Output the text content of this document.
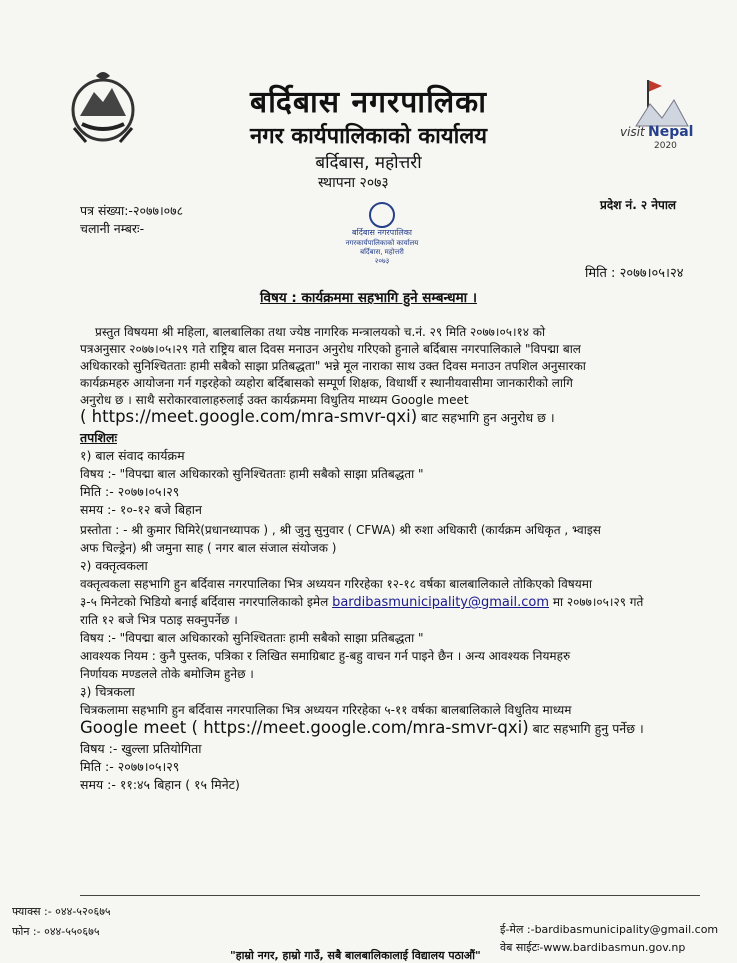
visit Nepal
2020
बर्दिबास नगरपालिका
नगर कार्यपालिकाको कार्यालय
बर्दिबास, महोत्तरी
स्थापना २०७३
बर्दिबास नगरपालिका
नगरकार्यपालिकाको कार्यालय
बर्दिबास, महोत्तरी
२०७३
पत्र संख्या:-२०७७।०७८
चलानी नम्बरः-
प्रदेश नं. २ नेपाल
मिति : २०७७।०५।२४
विषय : कार्यक्रममा सहभागि हुने सम्बन्धमा ।
प्रस्तुत विषयमा श्री महिला, बालबालिका तथा ज्येष्ठ नागरिक मन्त्रालयको च.नं. २९ मिति २०७७।०५।१४ को
पत्रअनुसार २०७७।०५।२९ गते राष्ट्रिय बाल दिवस मनाउन अनुरोध गरिएको हुनाले बर्दिबास नगरपालिकाले "विपद्मा बाल
अधिकारको सुनिश्चितताः हामी सबैको साझा प्रतिबद्धता" भन्ने मूल नाराका साथ उक्त दिवस मनाउन तपशिल अनुसारका
कार्यक्रमहरु आयोजना गर्न गइरहेको व्यहोरा बर्दिबासको सम्पूर्ण शिक्षक, विधार्थी र स्थानीयवासीमा जानकारीको लागि
अनुरोध छ । साथै सरोकारवालाहरुलाई उक्त कार्यक्रममा विधुतिय माध्यम Google meet
( https://meet.google.com/mra-smvr-qxi) बाट सहभागि हुन अनुरोध छ ।
तपशिलः
१) बाल संवाद कार्यक्रम
विषय :- "विपद्मा बाल अधिकारको सुनिश्चितताः हामी सबैको साझा प्रतिबद्धता "
मिति :- २०७७।०५।२९
समय :- १०-१२ बजे बिहान
प्रस्तोता : - श्री कुमार घिमिरे(प्रधानध्यापक ) , श्री जुनु सुनुवार ( CFWA) श्री रुशा अधिकारी (कार्यक्रम अधिकृत , भ्वाइस
अफ चिल्ड्रेन) श्री जमुना साह ( नगर बाल संजाल संयोजक )
२) वक्तृत्वकला
वक्तृत्वकला सहभागि हुन बर्दिवास नगरपालिका भित्र अध्ययन गरिरहेका १२-१८ वर्षका बालबालिकाले तोकिएको विषयमा
३-५ मिनेटको भिडियो बनाई बर्दिवास नगरपालिकाको इमेल bardibasmunicipality@gmail.com मा २०७७।०५।२९ गते
राति १२ बजे भित्र पठाइ सक्नुपर्नेछ ।
विषय :- "विपद्मा बाल अधिकारको सुनिश्चितताः हामी सबैको साझा प्रतिबद्धता "
आवश्यक नियम : कुनै पुस्तक, पत्रिका र लिखित समाग्रिबाट हु-बहु वाचन गर्न पाइने छैन । अन्य आवश्यक नियमहरु
निर्णायक मण्डलले तोके बमोजिम हुनेछ ।
३) चित्रकला
चित्रकलामा सहभागि हुन बर्दिवास नगरपालिका भित्र अध्ययन गरिरहेका ५-११ वर्षका बालबालिकाले विधुतिय माध्यम
Google meet ( https://meet.google.com/mra-smvr-qxi) बाट सहभागि हुनु पर्नेछ ।
विषय :- खुल्ला प्रतियोगिता
मिति :- २०७७।०५।२९
समय :- ११:४५ बिहान ( १५ मिनेट)
फ्याक्स :- ०४४-५२०६७५
फोन :- ०४४-५५०६७५	ई-मेल :-bardibasmunicipality@gmail.com
वेब साईटः-www.bardibasmun.gov.np
"हाम्रो नगर, हाम्रो गाउँ, सबै बालबालिकालाई विद्यालय पठाऔं"
